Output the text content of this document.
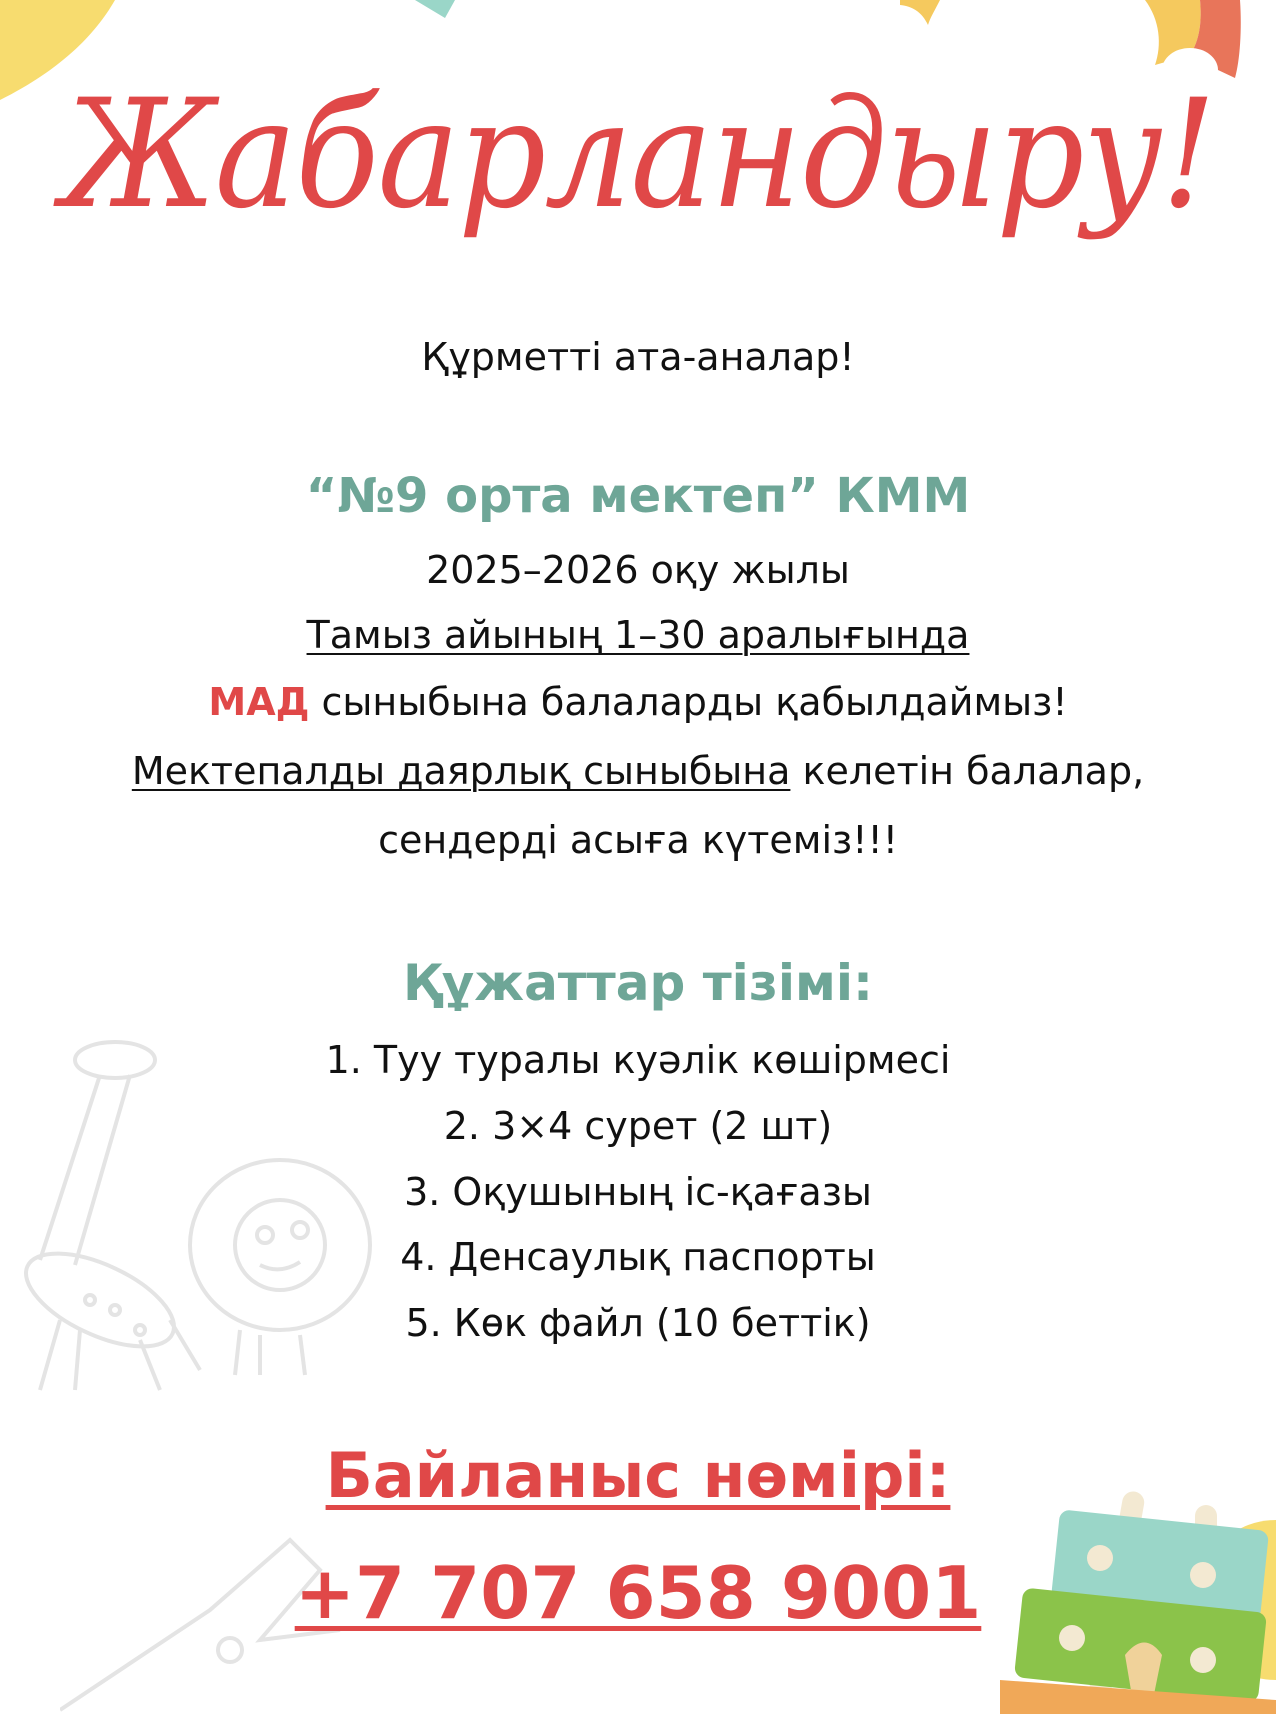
Жабарландыру!
Құрметті ата-аналар!
“№9 орта мектеп” КММ
2025–2026 оқу жылы
Тамыз айының 1–30 аралығында
МАД сыныбына балаларды қабылдаймыз!
Мектепалды даярлық сыныбына келетін балалар,
сендерді асыға күтеміз!!!
Құжаттар тізімі:
1. Туу туралы куәлік көшірмесі
2. 3×4 сурет (2 шт)
3. Оқушының іс-қағазы
4. Денсаулық паспорты
5. Көк файл (10 беттік)
Байланыс нөмірі:
+7 707 658 9001
